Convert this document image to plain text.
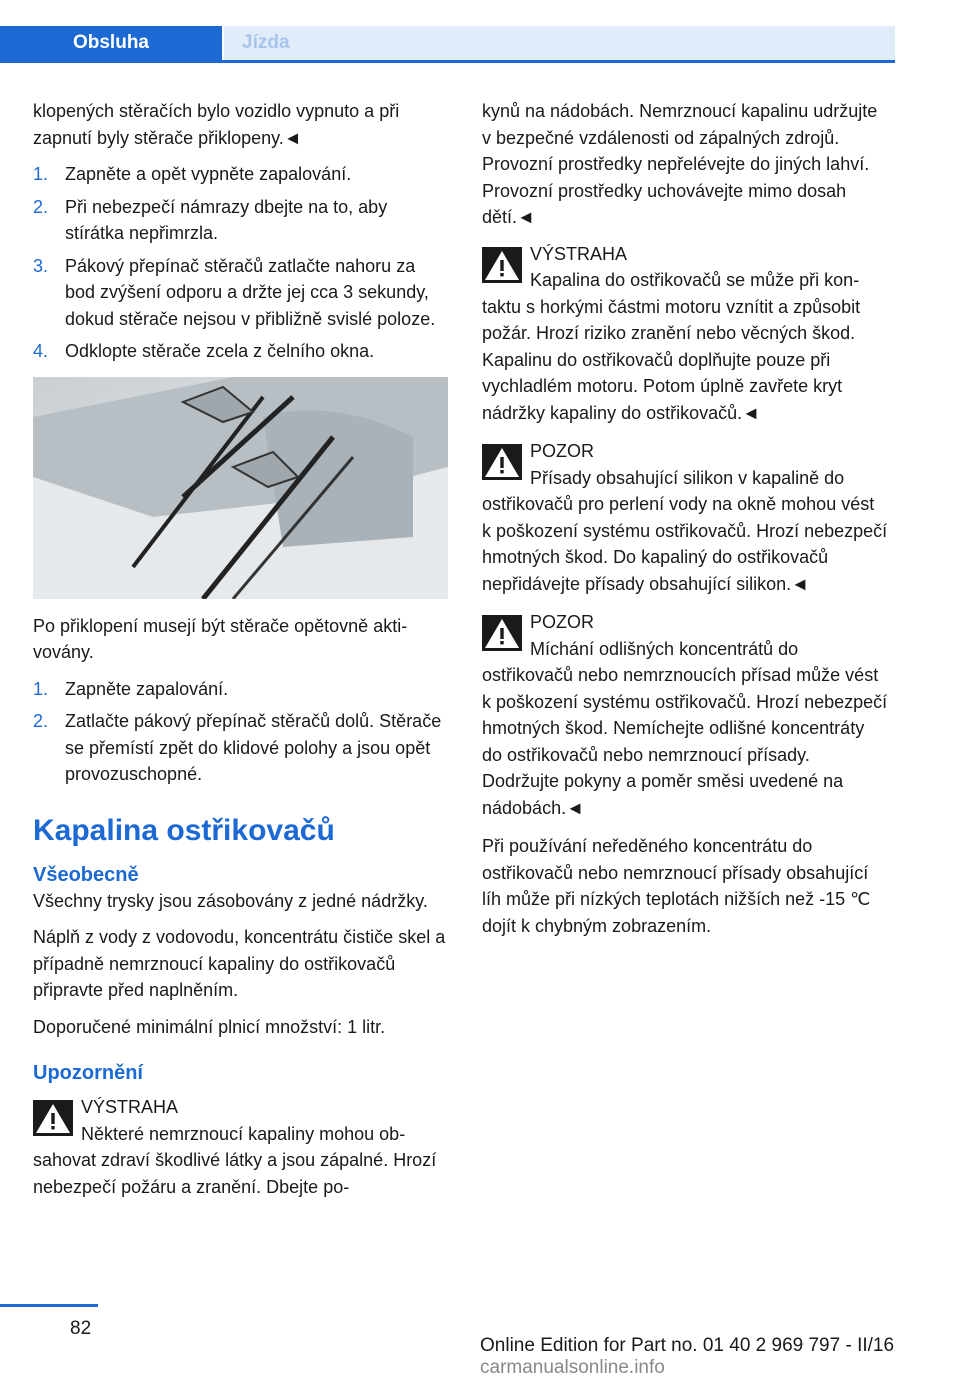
Obsluha	Jízda

klopených stěračích bylo vozidlo vypnuto a při zapnutí byly stěrače přiklopeny.◄

1. Zapněte a opět vypněte zapalování.
2. Při nebezpečí námrazy dbejte na to, aby stírátka nepřimrzla.
3. Pákový přepínač stěračů zatlačte nahoru za bod zvýšení odporu a držte jej cca 3 sekundy, dokud stěrače nejsou v přibližně svislé poloze.
4. Odklopte stěrače zcela z čelního okna.

Po přiklopení musejí být stěrače opětovně aktivovány.

1. Zapněte zapalování.
2. Zatlačte pákový přepínač stěračů dolů. Stěrače se přemístí zpět do klidové polohy a jsou opět provozuschopné.
Kapalina ostřikovačů
Všeobecně

Všechny trysky jsou zásobovány z jedné nádržky.

Náplň z vody z vodovodu, koncentrátu čističe skel a případně nemrznoucí kapaliny do ostřikovačů připravte před naplněním.

Doporučené minimální plnicí množství: 1 litr.

Upozornění
VÝSTRAHA
Některé nemrznoucí kapaliny mohou obsahovat zdraví škodlivé látky a jsou zápalné. Hrozí nebezpečí požáru a zranění. Dbejte po-

kynů na nádobách. Nemrznoucí kapalinu udržujte v bezpečné vzdálenosti od zápalných zdrojů. Provozní prostředky nepřelévejte do jiných lahví. Provozní prostředky uchovávejte mimo dosah dětí.◄

VÝSTRAHA
Kapalina do ostřikovačů se může při kontaktu s horkými částmi motoru vznítit a způsobit požár. Hrozí riziko zranění nebo věcných škod. Kapalinu do ostřikovačů doplňujte pouze při vychladlém motoru. Potom úplně zavřete kryt nádržky kapaliny do ostřikovačů.◄
POZOR
Přísady obsahující silikon v kapalině do ostřikovačů pro perlení vody na okně mohou vést k poškození systému ostřikovačů. Hrozí nebezpečí hmotných škod. Do kapaliný do ostřikovačů nepřidávejte přísady obsahující silikon.◄
POZOR
Míchání odlišných koncentrátů do ostřikovačů nebo nemrznoucích přísad může vést k poškození systému ostřikovačů. Hrozí nebezpečí hmotných škod. Nemíchejte odlišné koncentráty do ostřikovačů nebo nemrznoucí přísady. Dodržujte pokyny a poměr směsi uvedené na nádobách.◄

Při používání neředěného koncentrátu do ostřikovačů nebo nemrznoucí přísady obsahující líh může při nízkých teplotách nižších než -15 ℃ dojít k chybným zobrazením.

82
Online Edition for Part no. 01 40 2 969 797 - II/16 carmanualsonline.info
